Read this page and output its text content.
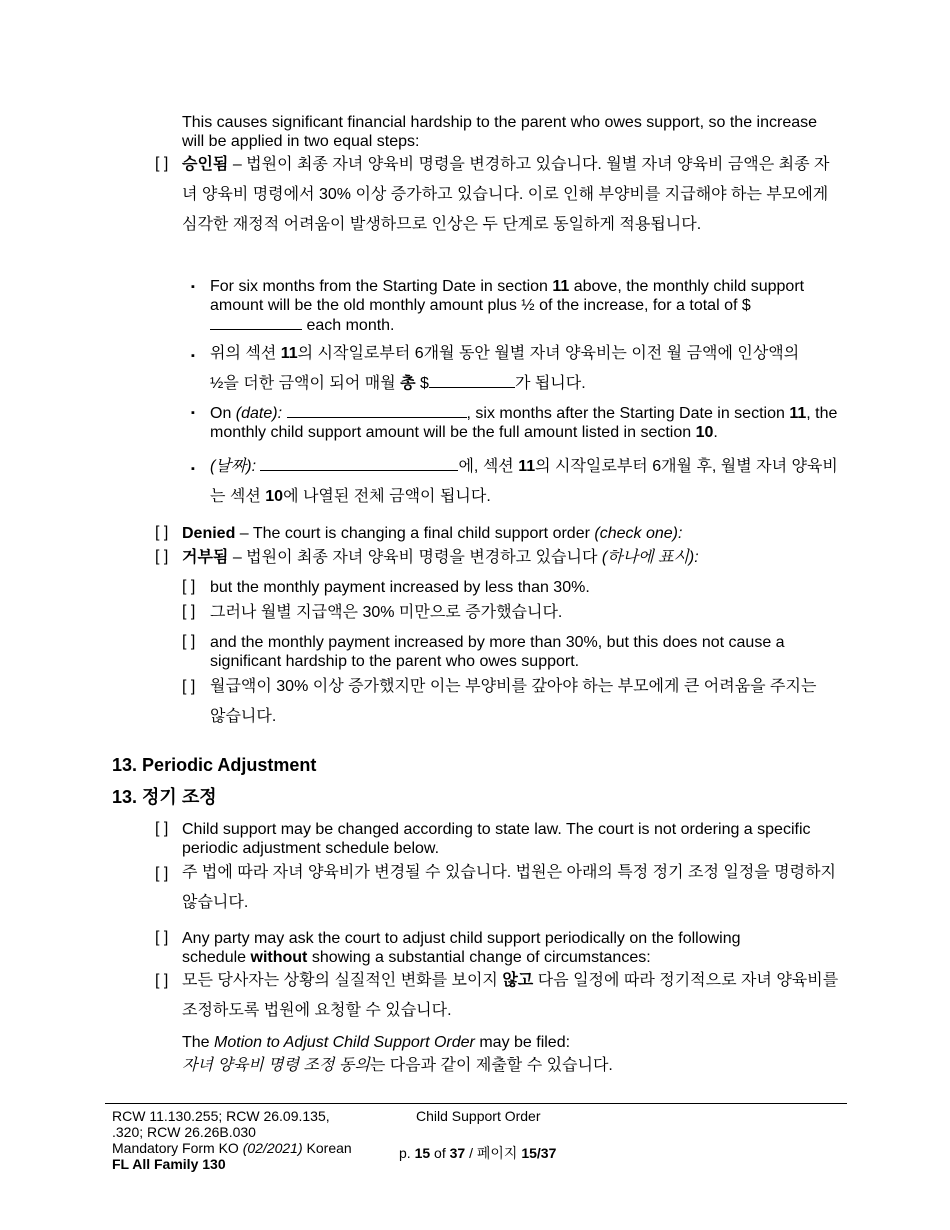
This causes significant financial hardship to the parent who owes support, so the increase will be applied in two equal steps:
[ ] 승인됨 – 법원이 최종 자녀 양육비 명령을 변경하고 있습니다. 월별 자녀 양육비 금액은 최종 자녀 양육비 명령에서 30% 이상 증가하고 있습니다. 이로 인해 부양비를 지급해야 하는 부모에게 심각한 재정적 어려움이 발생하므로 인상은 두 단계로 동일하게 적용됩니다.
▪ For six months from the Starting Date in section 11 above, the monthly child support amount will be the old monthly amount plus ½ of the increase, for a total of $ each month.
▪ 위의 섹션 11의 시작일로부터 6개월 동안 월별 자녀 양육비는 이전 월 금액에 인상액의 ½을 더한 금액이 되어 매월 총 $	가 됩니다.
▪ On (date):	, six months after the Starting Date in section 11, the monthly child support amount will be the full amount listed in section 10.
▪ (날짜):	에, 섹션 11의 시작일로부터 6개월 후, 월별 자녀 양육비는 섹션 10에 나열된 전체 금액이 됩니다.
[ ] Denied – The court is changing a final child support order (check one):
[ ] 거부됨 – 법원이 최종 자녀 양육비 명령을 변경하고 있습니다 (하나에 표시):
[ ] but the monthly payment increased by less than 30%.
[ ] 그러나 월별 지급액은 30% 미만으로 증가했습니다.
[ ] and the monthly payment increased by more than 30%, but this does not cause a significant hardship to the parent who owes support.
[ ] 월급액이 30% 이상 증가했지만 이는 부양비를 갚아야 하는 부모에게 큰 어려움을 주지는 않습니다.
13. Periodic Adjustment
13. 정기 조정
[ ] Child support may be changed according to state law. The court is not ordering a specific periodic adjustment schedule below.
[ ] 주 법에 따라 자녀 양육비가 변경될 수 있습니다. 법원은 아래의 특정 정기 조정 일정을 명령하지 않습니다.
[ ] Any party may ask the court to adjust child support periodically on the following schedule without showing a substantial change of circumstances:
[ ] 모든 당사자는 상황의 실질적인 변화를 보이지 않고 다음 일정에 따라 정기적으로 자녀 양육비를 조정하도록 법원에 요청할 수 있습니다.
The Motion to Adjust Child Support Order may be filed:
자녀 양육비 명령 조정 동의는 다음과 같이 제출할 수 있습니다.
RCW 11.130.255; RCW 26.09.135,
.320; RCW 26.26B.030
Mandatory Form KO (02/2021) Korean
FL All Family 130
Child Support Order
p. 15 of 37 / 페이지 15/37
